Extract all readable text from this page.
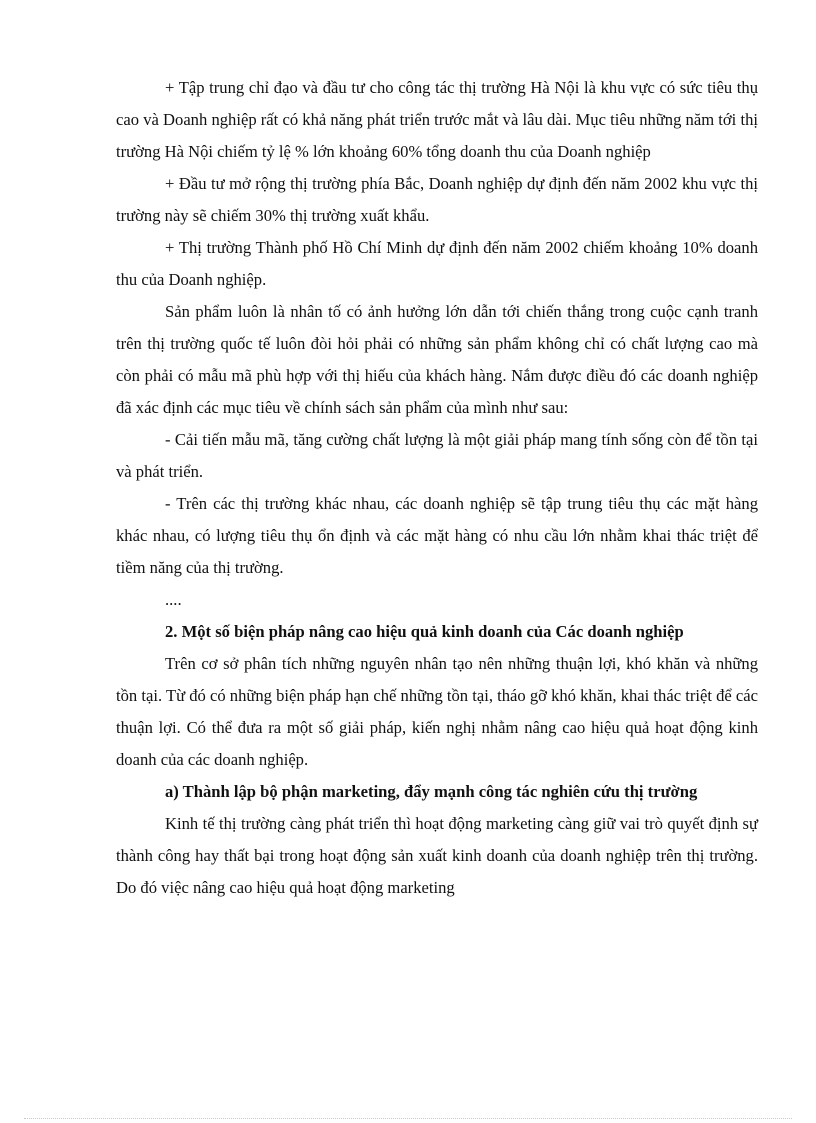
+ Tập trung chỉ đạo và đầu tư cho công tác thị trường Hà Nội là khu vực có sức tiêu thụ cao và Doanh nghiệp rất có khả năng phát triển trước mắt và lâu dài. Mục tiêu những năm tới thị trường Hà Nội chiếm tỷ lệ % lớn khoảng 60% tổng doanh thu của Doanh nghiệp

+ Đầu tư mở rộng thị trường phía Bắc, Doanh nghiệp dự định đến năm 2002 khu vực thị trường này sẽ chiếm 30% thị trường xuất khẩu.

+ Thị trường Thành phố Hồ Chí Minh dự định đến năm 2002 chiếm khoảng 10% doanh thu của Doanh nghiệp.

Sản phẩm luôn là nhân tố có ảnh hưởng lớn dẫn tới chiến thắng trong cuộc cạnh tranh trên thị trường quốc tế luôn đòi hỏi phải có những sản phẩm không chỉ có chất lượng cao mà còn phải có mẫu mã phù hợp với thị hiếu của khách hàng. Nắm được điều đó các doanh nghiệp đã xác định các mục tiêu về chính sách sản phẩm của mình như sau:

- Cải tiến mẫu mã, tăng cường chất lượng là một giải pháp mang tính sống còn để tồn tại và phát triển.

- Trên các thị trường khác nhau, các doanh nghiệp sẽ tập trung tiêu thụ các mặt hàng khác nhau, có lượng tiêu thụ ổn định và các mặt hàng có nhu cầu lớn nhằm khai thác triệt để tiềm năng của thị trường.

....

2. Một số biện pháp nâng cao hiệu quả kinh doanh của Các doanh nghiệp

Trên cơ sở phân tích những nguyên nhân tạo nên những thuận lợi, khó khăn và những tồn tại. Từ đó có những biện pháp hạn chế những tồn tại, tháo gỡ khó khăn, khai thác triệt để các thuận lợi. Có thể đưa ra một số giải pháp, kiến nghị nhằm nâng cao hiệu quả hoạt động kinh doanh của các doanh nghiệp.

a) Thành lập bộ phận marketing, đẩy mạnh công tác nghiên cứu thị trường

Kinh tế thị trường càng phát triển thì hoạt động marketing càng giữ vai trò quyết định sự thành công hay thất bại trong hoạt động sản xuất kinh doanh của doanh nghiệp trên thị trường. Do đó việc nâng cao hiệu quả hoạt động marketing
